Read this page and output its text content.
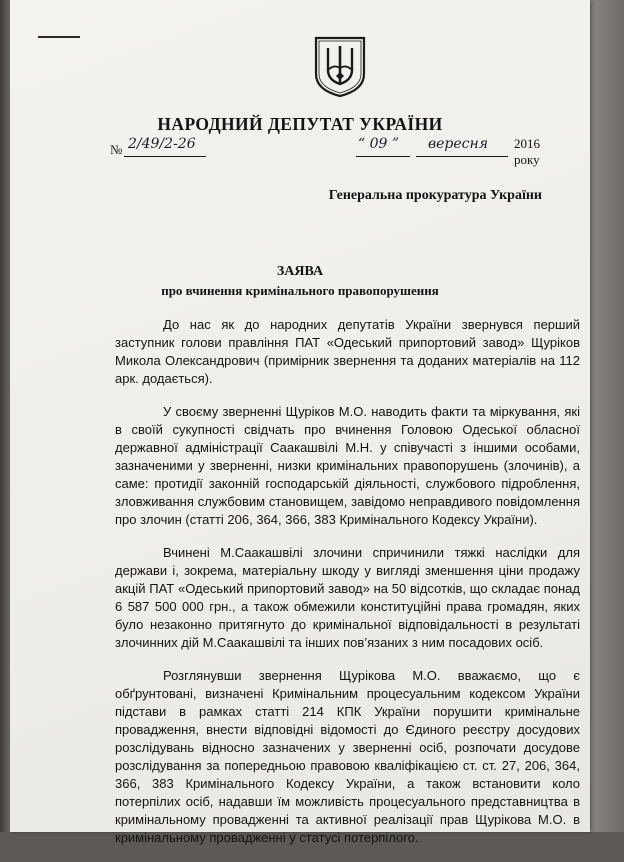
НАРОДНИЙ ДЕПУТАТ УКРАЇНИ
№ 2/49/2-26	“ 09 ” вересня 2016 року

Генеральна прокуратура України

ЗАЯВА
про вчинення кримінального правопорушення

До нас як до народних депутатів України звернувся перший заступник голови правління ПАТ «Одеський припортовий завод» Щуріков Микола Олександрович (примірник звернення та доданих матеріалів на 112 арк. додається).

У своєму зверненні Щуріков М.О. наводить факти та міркування, які в своїй сукупності свідчать про вчинення Головою Одеської обласної державної адміністрації Саакашвілі М.Н. у співучасті з іншими особами, зазначеними у зверненні, низки кримінальних правопорушень (злочинів), а саме: протидії законній господарській діяльності, службового підроблення, зловживання службовим становищем, завідомо неправдивого повідомлення про злочин (статті 206, 364, 366, 383 Кримінального Кодексу України).

Вчинені М.Саакашвілі злочини спричинили тяжкі наслідки для держави і, зокрема, матеріальну шкоду у вигляді зменшення ціни продажу акцій ПАТ «Одеський припортовий завод» на 50 відсотків, що складає понад 6 587 500 000 грн., а також обмежили конституційні права громадян, яких було незаконно притягнуто до кримінальної відповідальності в результаті злочинних дій М.Саакашвілі та інших пов’язаних з ним посадових осіб.

Розглянувши звернення Щурікова М.О. вважаємо, що є обґрунтовані, визначені Кримінальним процесуальним кодексом України підстави в рамках статті 214 КПК України порушити кримінальне провадження, внести відповідні відомості до Єдиного реєстру досудових розслідувань відносно зазначених у зверненні осіб, розпочати досудове розслідування за попередньою правовою кваліфікацією ст. ст. 27, 206, 364, 366, 383 Кримінального Кодексу України, а також встановити коло потерпілих осіб, надавши їм можливість процесуального представництва в кримінальному провадженні та активної реалізації прав Щурікова М.О. в кримінальному провадженні у статусі потерпілого.
